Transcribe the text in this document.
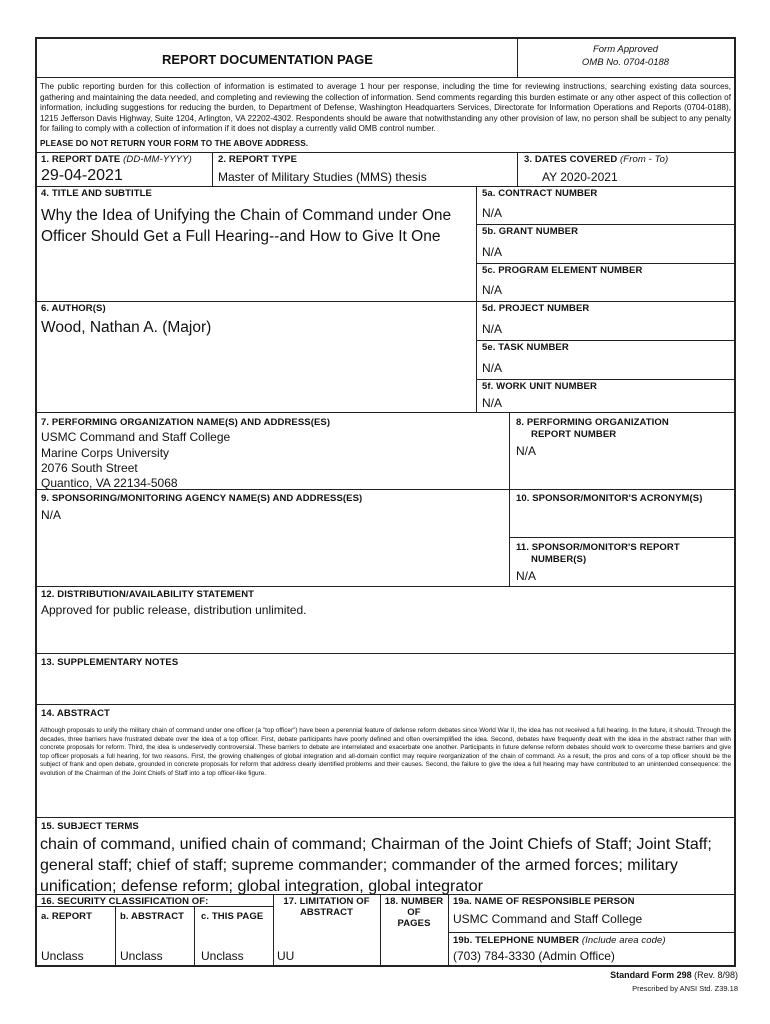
REPORT DOCUMENTATION PAGE
Form Approved
OMB No. 0704-0188
The public reporting burden for this collection of information is estimated to average 1 hour per response, including the time for reviewing instructions, searching existing data sources, gathering and maintaining the data needed, and completing and reviewing the collection of information. Send comments regarding this burden estimate or any other aspect of this collection of information, including suggestions for reducing the burden, to Department of Defense, Washington Headquarters Services, Directorate for Information Operations and Reports (0704-0188), 1215 Jefferson Davis Highway, Suite 1204, Arlington, VA 22202-4302. Respondents should be aware that notwithstanding any other provision of law, no person shall be subject to any penalty for failing to comply with a collection of information if it does not display a currently valid OMB control number.
PLEASE DO NOT RETURN YOUR FORM TO THE ABOVE ADDRESS.
1. REPORT DATE (DD-MM-YYYY)
29-04-2021
2. REPORT TYPE
Master of Military Studies (MMS) thesis
3. DATES COVERED (From - To)
AY 2020-2021
4. TITLE AND SUBTITLE
Why the Idea of Unifying the Chain of Command under One Officer Should Get a Full Hearing--and How to Give It One
5a. CONTRACT NUMBER
N/A
5b. GRANT NUMBER
N/A
5c. PROGRAM ELEMENT NUMBER
N/A
6. AUTHOR(S)
Wood, Nathan A. (Major)
5d. PROJECT NUMBER
N/A
5e. TASK NUMBER
N/A
5f. WORK UNIT NUMBER
N/A
7. PERFORMING ORGANIZATION NAME(S) AND ADDRESS(ES)
USMC Command and Staff College
Marine Corps University
2076 South Street
Quantico, VA 22134-5068
8. PERFORMING ORGANIZATION
REPORT NUMBER
N/A
9. SPONSORING/MONITORING AGENCY NAME(S) AND ADDRESS(ES)
N/A
10. SPONSOR/MONITOR'S ACRONYM(S)
11. SPONSOR/MONITOR'S REPORT
NUMBER(S)
N/A
12. DISTRIBUTION/AVAILABILITY STATEMENT
Approved for public release, distribution unlimited.
13. SUPPLEMENTARY NOTES
14. ABSTRACT
Although proposals to unify the military chain of command under one officer (a "top officer") have been a perennial feature of defense reform debates since World War II, the idea has not received a full hearing. In the future, it should. Through the decades, three barriers have frustrated debate over the idea of a top officer. First, debate participants have poorly defined and often oversimplified the idea. Second, debates have frequently dealt with the idea in the abstract rather than with concrete proposals for reform. Third, the idea is undeservedly controversial. These barriers to debate are interrelated and exacerbate one another. Participants in future defense reform debates should work to overcome these barriers and give top officer proposals a full hearing, for two reasons. First, the growing challenges of global integration and all-domain conflict may require reorganization of the chain of command. As a result, the pros and cons of a top officer should be the subject of frank and open debate, grounded in concrete proposals for reform that address clearly identified problems and their causes. Second, the failure to give the idea a full hearing may have contributed to an unintended consequence: the evolution of the Chairman of the Joint Chiefs of Staff into a top officer-like figure.
15. SUBJECT TERMS
chain of command, unified chain of command; Chairman of the Joint Chiefs of Staff; Joint Staff; general staff; chief of staff; supreme commander; commander of the armed forces; military unification; defense reform; global integration, global integrator
16. SECURITY CLASSIFICATION OF:
a. REPORT	b. ABSTRACT c. THIS PAGE
Unclass	Unclass	Unclass
17. LIMITATION OF
ABSTRACT
UU
18. NUMBER
OF
PAGES
19a. NAME OF RESPONSIBLE PERSON
USMC Command and Staff College
19b. TELEPHONE NUMBER (Include area code)
(703) 784-3330 (Admin Office)
Standard Form 298 (Rev. 8/98)
Prescribed by ANSI Std. Z39.18
